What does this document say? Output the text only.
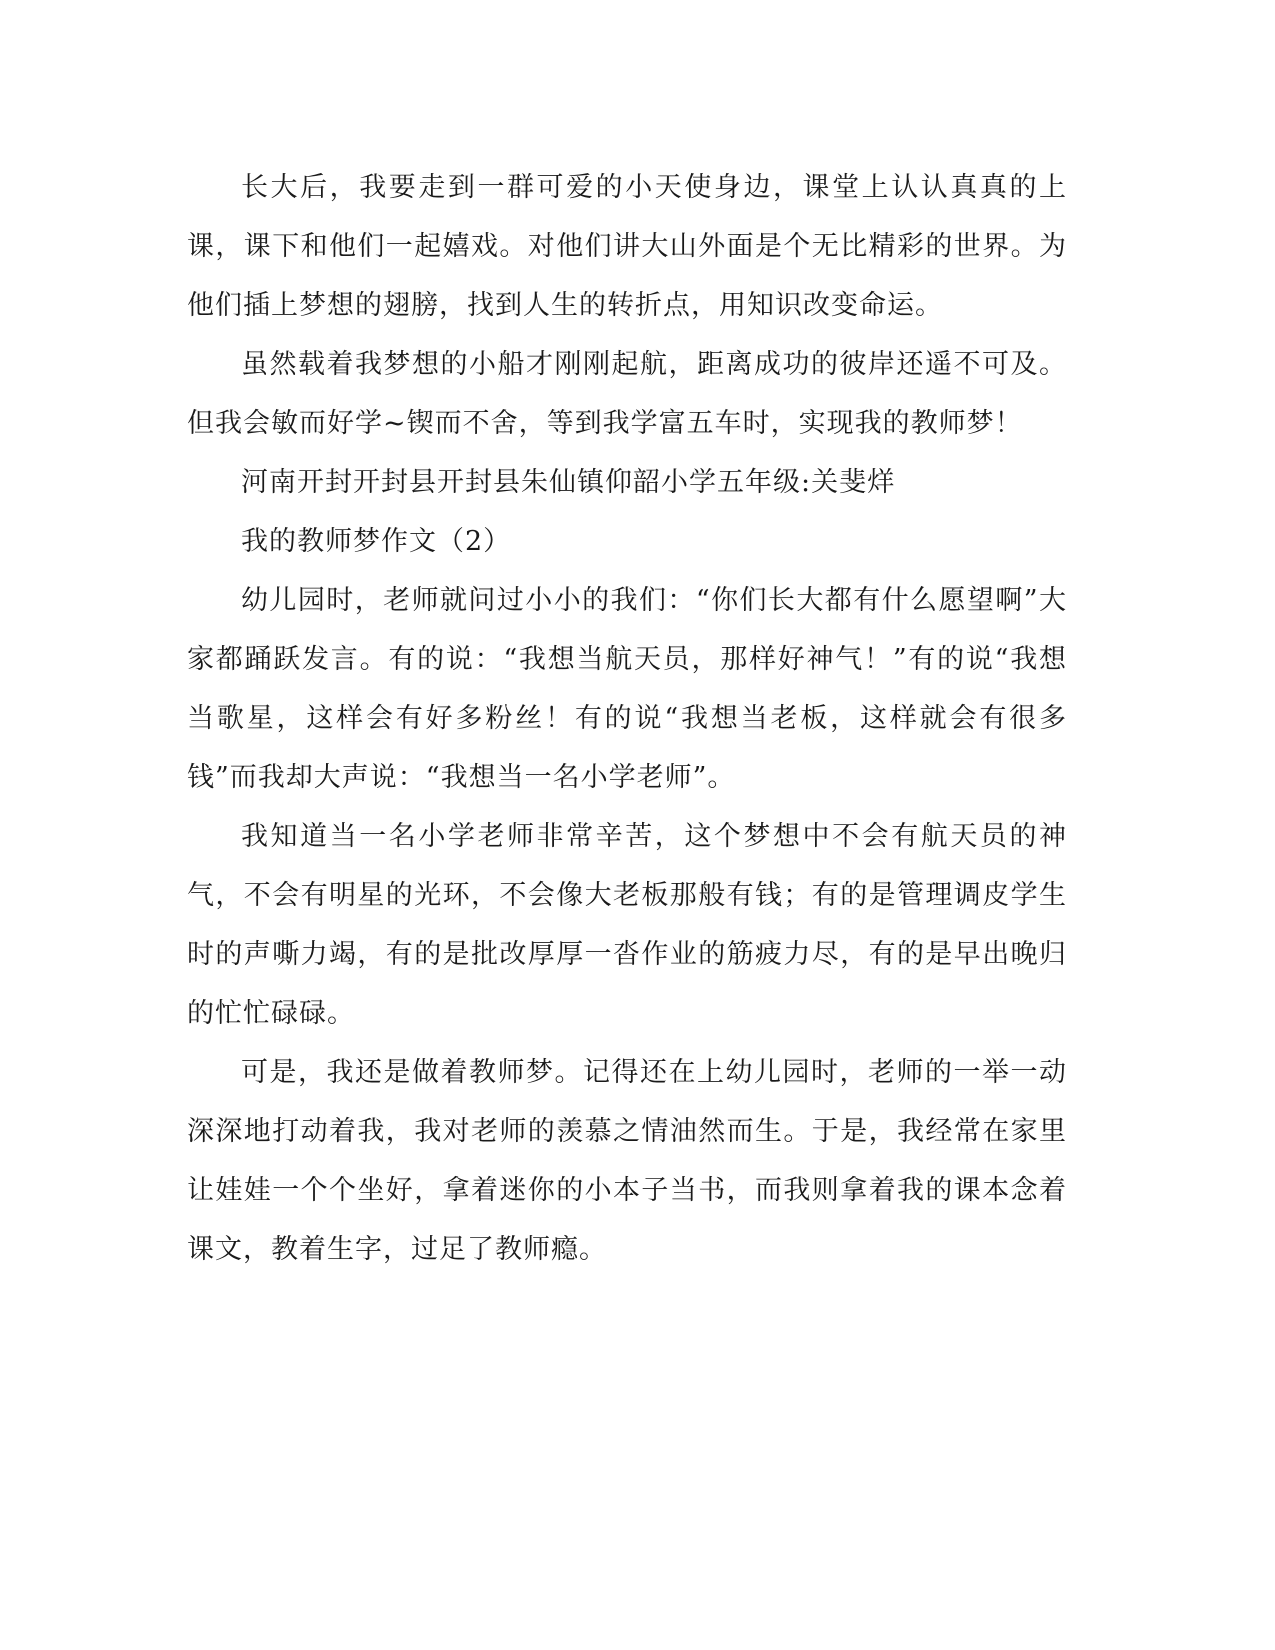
长大后，我要走到一群可爱的小天使身边，课堂上认认真真的上课，课下和他们一起嬉戏。对他们讲大山外面是个无比精彩的世界。为他们插上梦想的翅膀，找到人生的转折点，用知识改变命运。

虽然载着我梦想的小船才刚刚起航，距离成功的彼岸还遥不可及。但我会敏而好学~锲而不舍，等到我学富五车时，实现我的教师梦！

河南开封开封县开封县朱仙镇仰韶小学五年级:关斐烊

我的教师梦作文（2）

幼儿园时，老师就问过小小的我们：“你们长大都有什么愿望啊”大家都踊跃发言。有的说：“我想当航天员，那样好神气！”有的说“我想当歌星，这样会有好多粉丝！有的说“我想当老板，这样就会有很多钱”而我却大声说：“我想当一名小学老师”。

我知道当一名小学老师非常辛苦，这个梦想中不会有航天员的神气，不会有明星的光环，不会像大老板那般有钱；有的是管理调皮学生时的声嘶力竭，有的是批改厚厚一沓作业的筋疲力尽，有的是早出晚归的忙忙碌碌。

可是，我还是做着教师梦。记得还在上幼儿园时，老师的一举一动深深地打动着我，我对老师的羡慕之情油然而生。于是，我经常在家里让娃娃一个个坐好，拿着迷你的小本子当书，而我则拿着我的课本念着课文，教着生字，过足了教师瘾。
